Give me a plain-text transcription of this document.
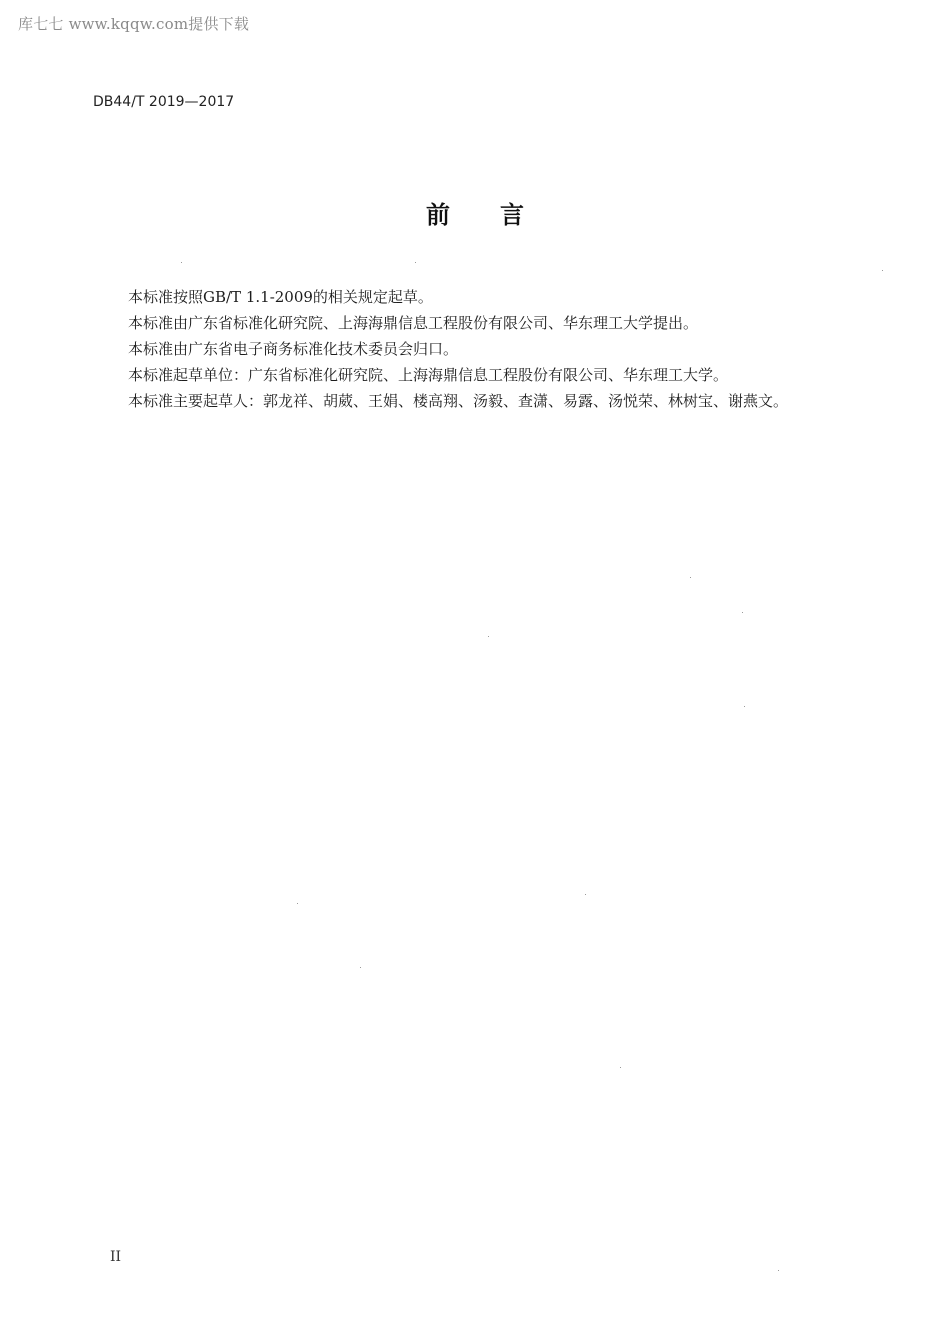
库七七 www.kqqw.com提供下载
DB44/T 2019—2017
前言
本标准按照GB/T 1.1-2009的相关规定起草。
本标准由广东省标准化研究院、上海海鼎信息工程股份有限公司、华东理工大学提出。
本标准由广东省电子商务标准化技术委员会归口。
本标准起草单位：广东省标准化研究院、上海海鼎信息工程股份有限公司、华东理工大学。
本标准主要起草人：郭龙祥、胡葳、王娟、楼高翔、汤毅、查潇、易露、汤悦荣、林树宝、谢燕文。
II
